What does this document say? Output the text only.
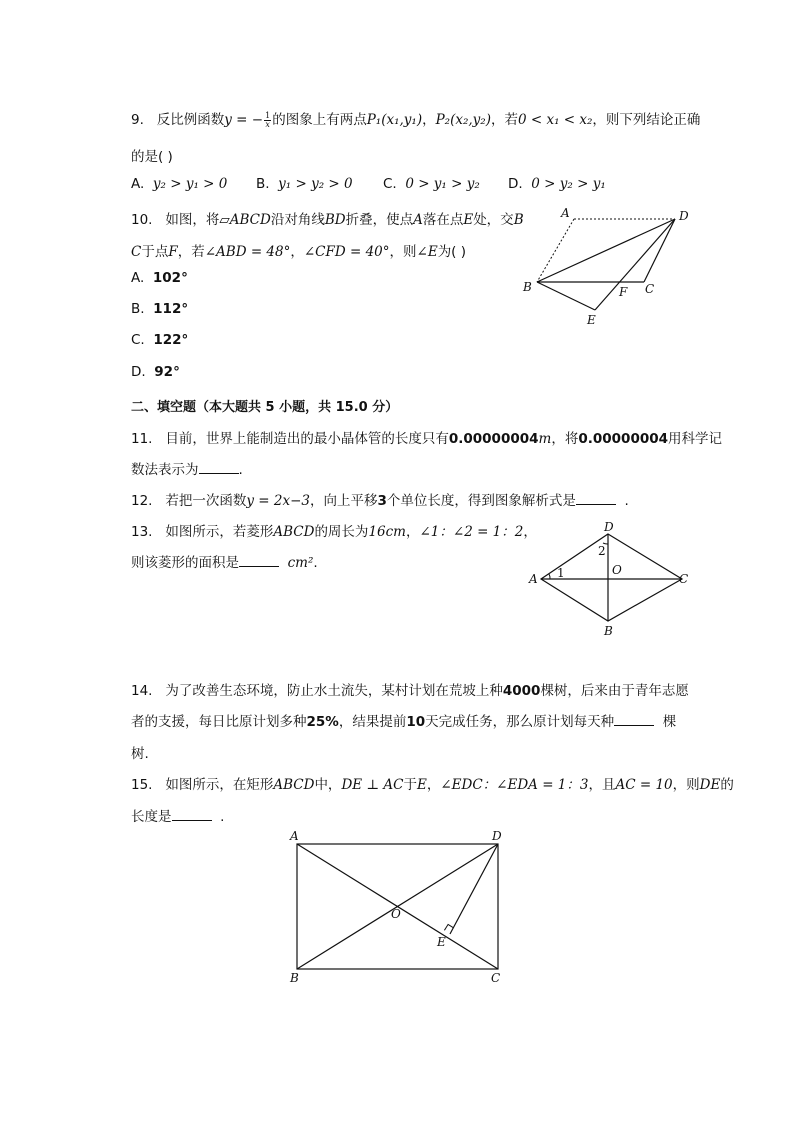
9. 反比例函数y = − $\frac{1}{x}$ 的图象上有两点P₁(x₁,y₁)，P₂(x₂,y₂)，若0 < x₁ < x₂，则下列结论正确
的是( )
A. y₂ > y₁ > 0 B. y₁ > y₂ > 0 C. 0 > y₁ > y₂ D. 0 > y₂ > y₁
10. 如图，将▱ABCD沿对角线BD折叠，使点A落在点E处，交B
C于点F，若∠ABD = 48°，∠CFD = 40°，则∠E为( )
A. 102°
B. 112°
C. 122°
D. 92°
A	D
B	F C
E
二、填空题（本大题共 5 小题，共 15.0 分）
11. 目前，世界上能制造出的最小晶体管的长度只有0.00000004m，将0.00000004用科学记
数法表示为	.
12. 若把一次函数y = 2x−3，向上平移3个单位长度，得到图象解析式是	.
13. 如图所示，若菱形ABCD的周长为16cm，∠1：∠2 = 1：2，
则该菱形的面积是	cm².
D
A	C
B
O
1
2
14. 为了改善生态环境，防止水土流失，某村计划在荒坡上种4000棵树，后来由于青年志愿
者的支援，每日比原计划多种25%，结果提前10天完成任务，那么原计划每天种	棵
树.
15. 如图所示，在矩形ABCD中，DE ⊥ AC于E，∠EDC：∠EDA = 1：3，且AC = 10，则DE的
长度是	.
A	D
B	C
O
E
